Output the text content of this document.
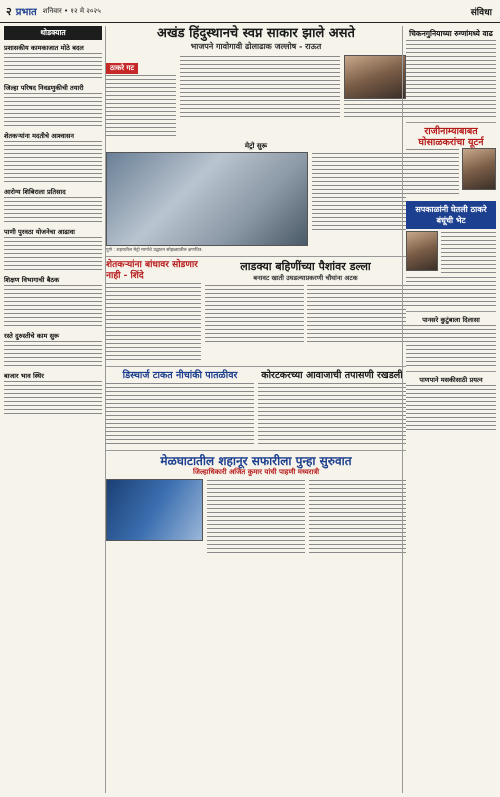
२ प्रभात शनिवार • १२ मे २०२५	संविधा
थोडक्यात
प्रशासकीय कामकाजात मोठे बदल
जिल्हा परिषद निवडणुकीची तयारी
शेतकऱ्यांना मदतीचे आश्वासन
आरोग्य शिबिराला प्रतिसाद
पाणी पुरवठा योजनेचा आढावा
शिक्षण विभागाची बैठक
रस्ते दुरुस्तीचे काम सुरू
बाजार भाव स्थिर
अखंड हिंदुस्थानचे स्वप्न साकार झाले असते
भाजपने गावोगावी ढोलाढाक जल्लोष - राऊत
ठाकरे गट
मेट्रो सुरू
पुणे : शहरातील मेट्रो मार्गाचे उद्घाटन सोहळ्यातील क्षणचित्र.
शेतकऱ्यांना बांधावर सोडणार नाही - शिंदे
लाडक्या बहिणींच्या पैशांवर डल्ला
बनावट खाती उघडल्याप्रकरणी चौघांना अटक
डिस्चार्ज टाकत नीचांकी पातळीवर	कोरटकरच्या आवाजाची तपासणी रखडली
मेळघाटातील शहानूर सफारीला पुन्हा सुरुवात
जिल्हाधिकारी अजित कुमार यांची पाहणी मध्यरात्री
चिकनगुनियाच्या रुग्णांमध्ये वाढ
राजीनाम्याबाबत घोसाळकरांचा यूटर्न
सपकाळांनी घेतली ठाकरे बंधूंची भेट
पानसरे कुटुंबाला दिलासा
पाणपाने मसकीसाठी प्रयत्न
